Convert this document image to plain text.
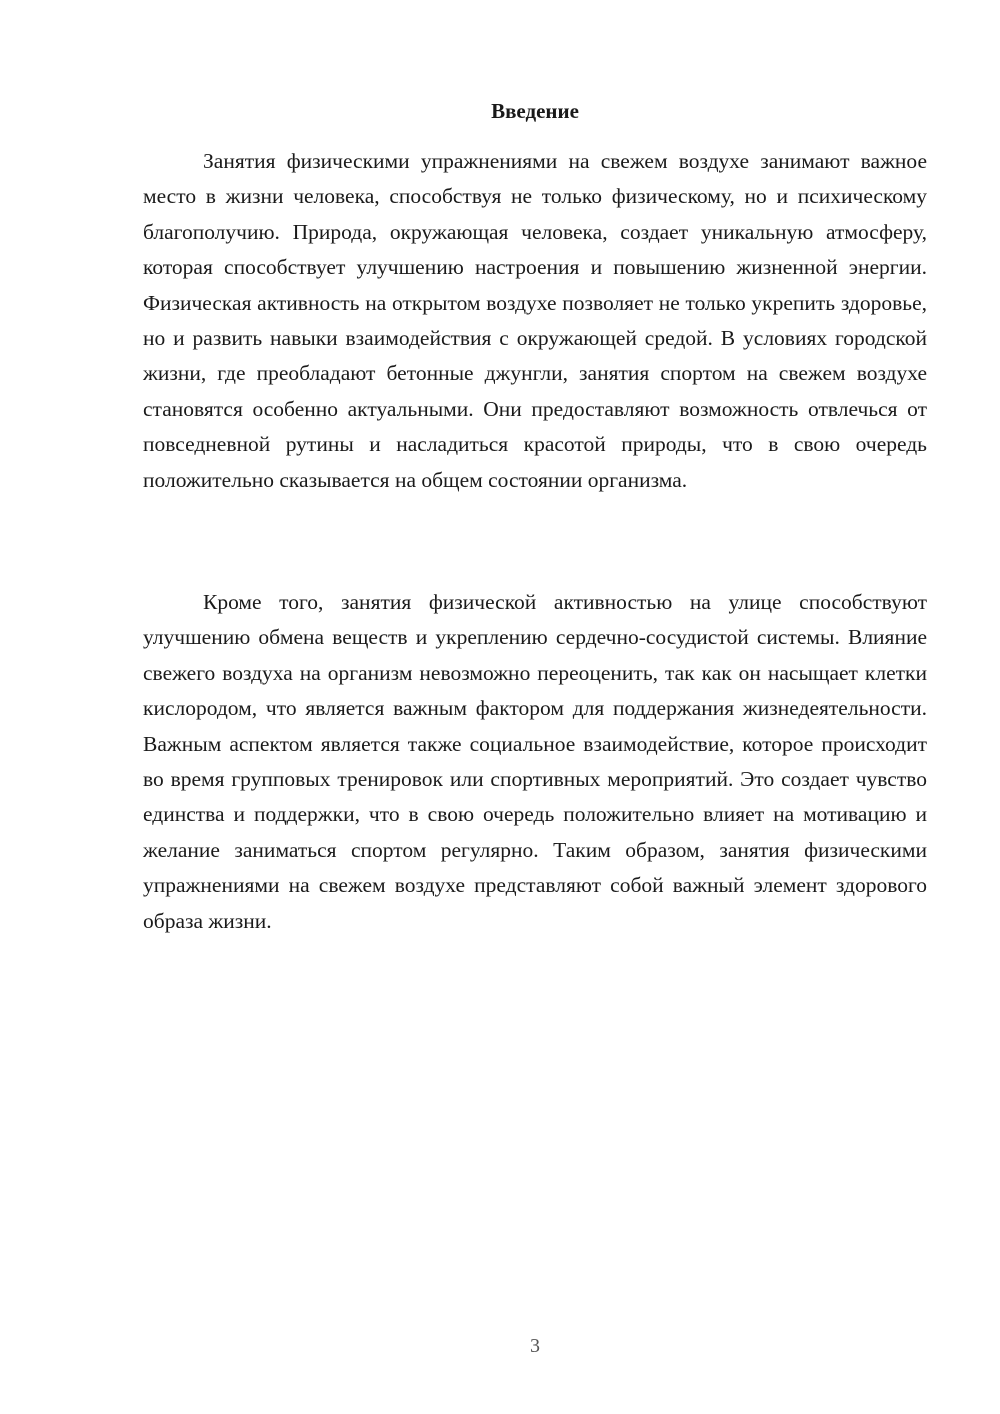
Введение

Занятия физическими упражнениями на свежем воздухе занимают важное место в жизни человека, способствуя не только физическому, но и психическому благополучию. Природа, окружающая человека, создает уникальную атмосферу, которая способствует улучшению настроения и повышению жизненной энергии. Физическая активность на открытом воздухе позволяет не только укрепить здоровье, но и развить навыки взаимодействия с окружающей средой. В условиях городской жизни, где преобладают бетонные джунгли, занятия спортом на свежем воздухе становятся особенно актуальными. Они предоставляют возможность отвлечься от повседневной рутины и насладиться красотой природы, что в свою очередь положительно сказывается на общем состоянии организма.

Кроме того, занятия физической активностью на улице способствуют улучшению обмена веществ и укреплению сердечно-сосудистой системы. Влияние свежего воздуха на организм невозможно переоценить, так как он насыщает клетки кислородом, что является важным фактором для поддержания жизнедеятельности. Важным аспектом является также социальное взаимодействие, которое происходит во время групповых тренировок или спортивных мероприятий. Это создает чувство единства и поддержки, что в свою очередь положительно влияет на мотивацию и желание заниматься спортом регулярно. Таким образом, занятия физическими упражнениями на свежем воздухе представляют собой важный элемент здорового образа жизни.

3
